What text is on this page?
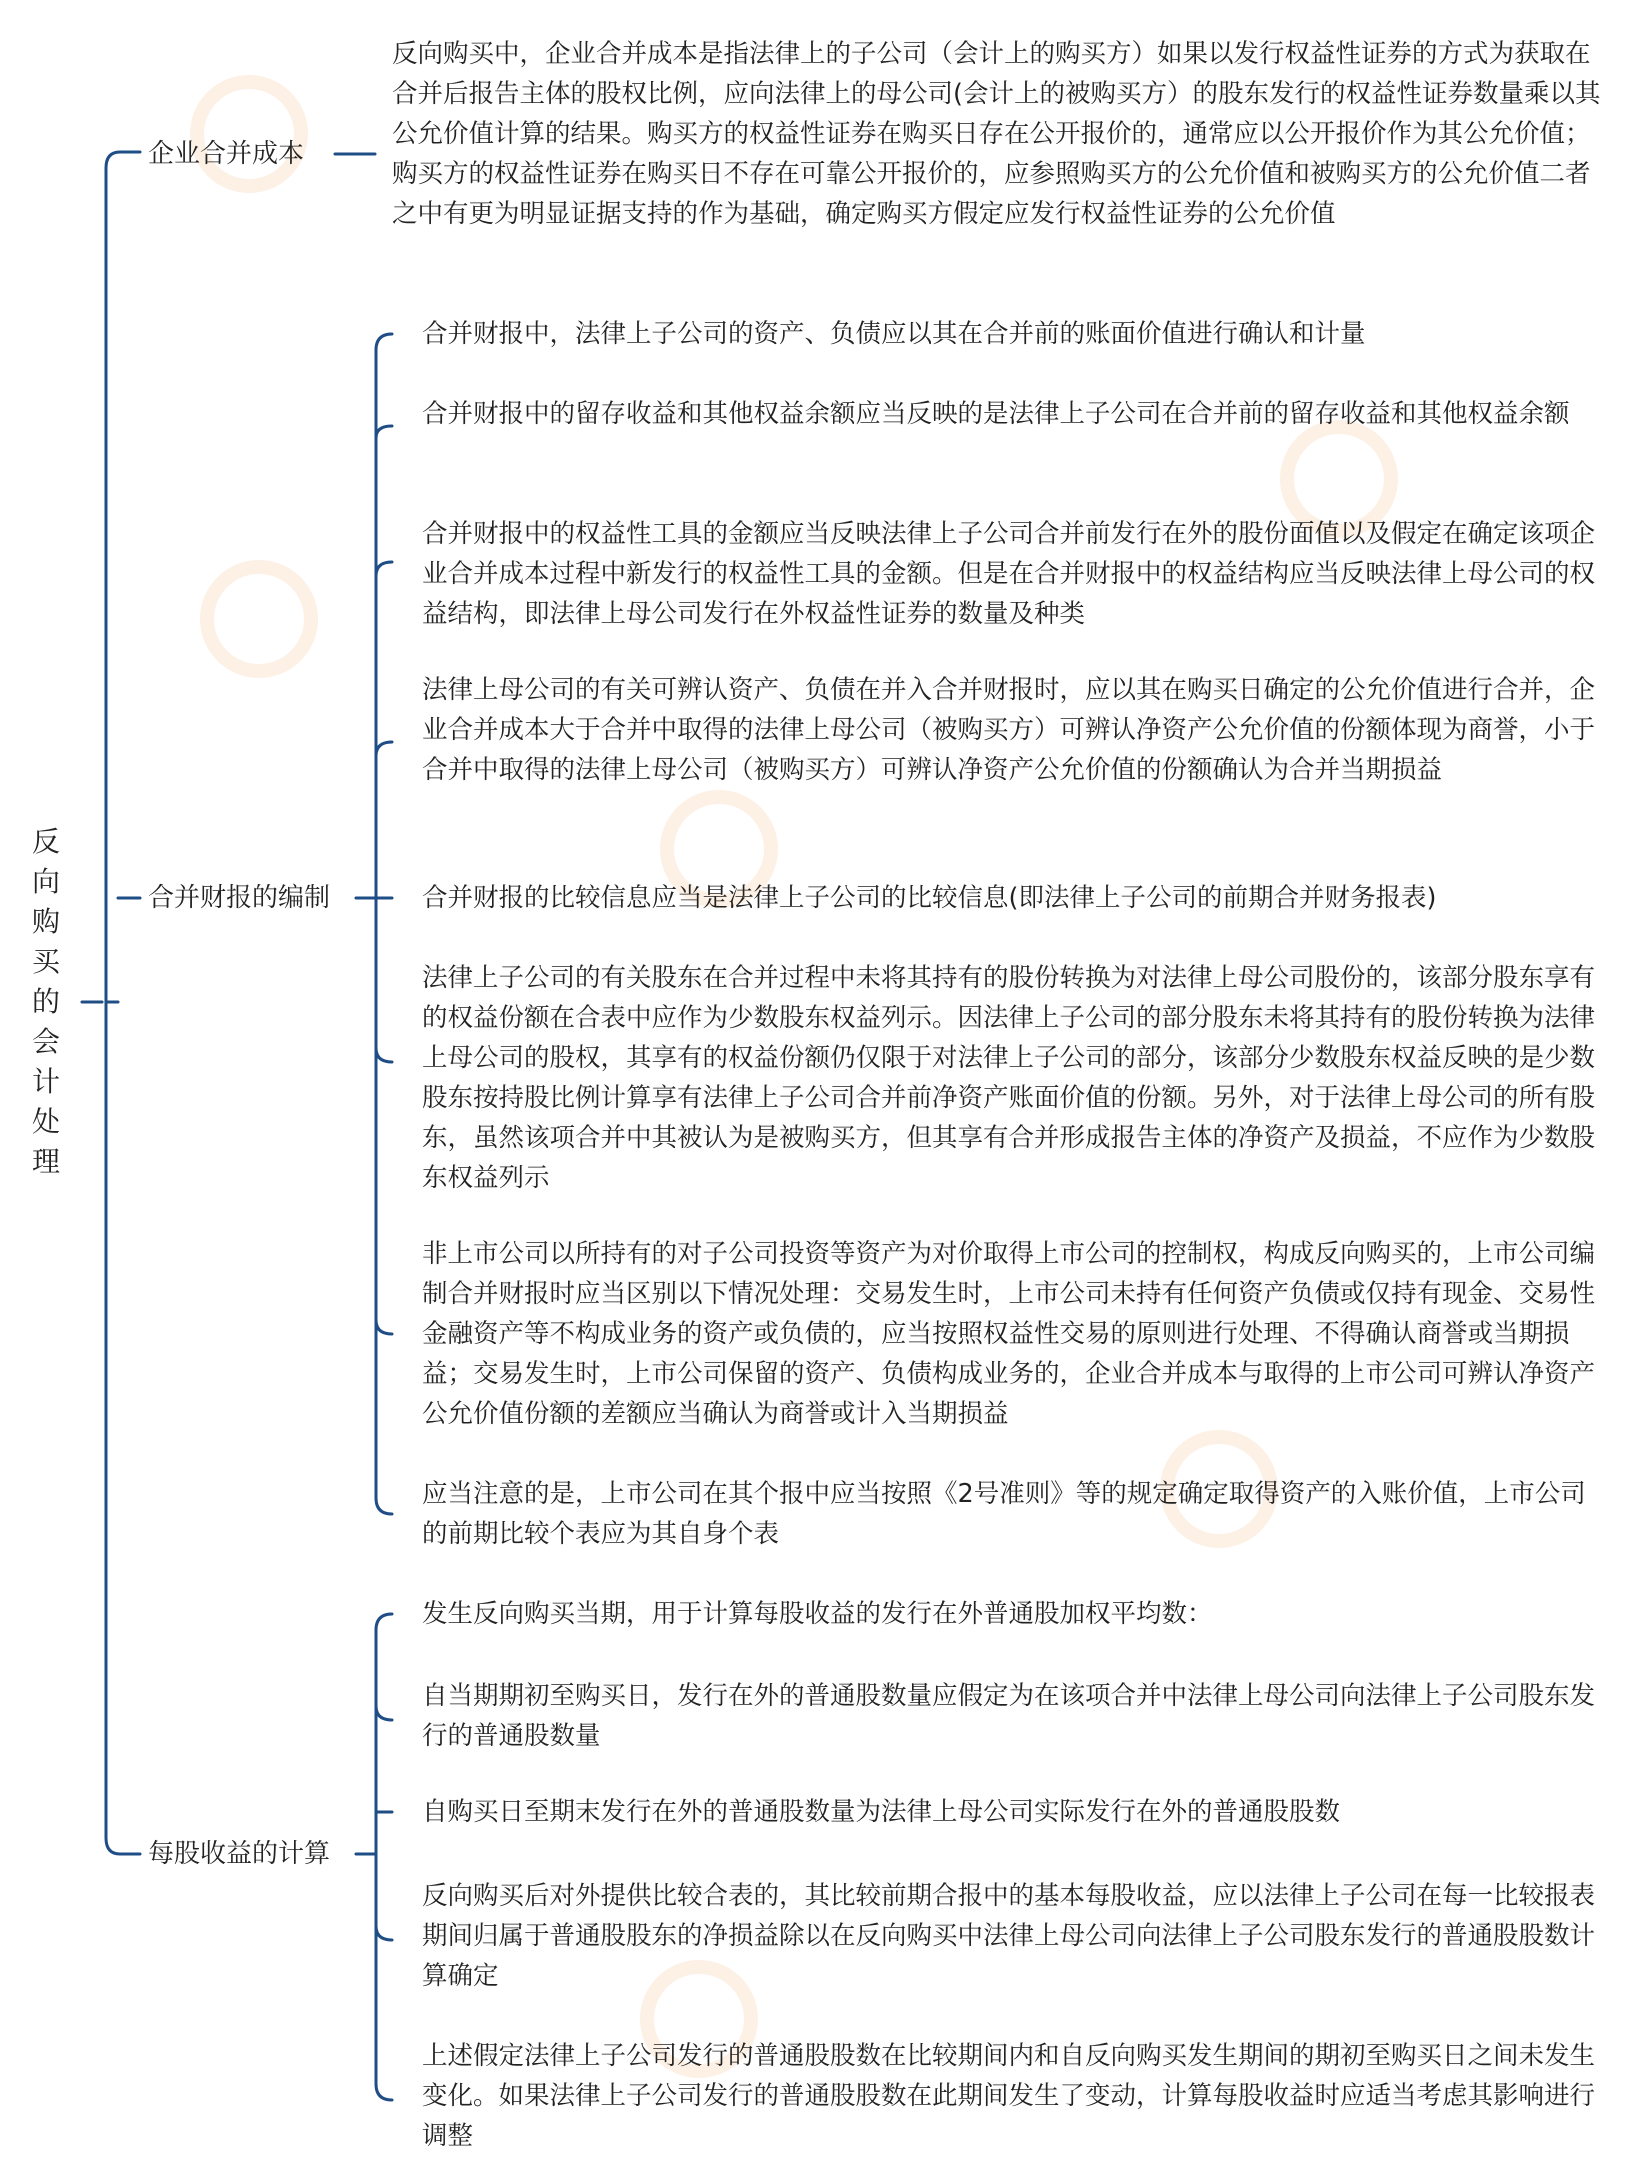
反向购买的会计处理
企业合并成本
合并财报的编制
每股收益的计算
反向购买中，企业合并成本是指法律上的子公司（会计上的购买方）如果以发行权益性证券的方式为获取在合并后报告主体的股权比例，应向法律上的母公司(会计上的被购买方）的股东发行的权益性证券数量乘以其公允价值计算的结果。购买方的权益性证券在购买日存在公开报价的，通常应以公开报价作为其公允价值；购买方的权益性证券在购买日不存在可靠公开报价的，应参照购买方的公允价值和被购买方的公允价值二者之中有更为明显证据支持的作为基础，确定购买方假定应发行权益性证券的公允价值
合并财报中，法律上子公司的资产、负债应以其在合并前的账面价值进行确认和计量
合并财报中的留存收益和其他权益余额应当反映的是法律上子公司在合并前的留存收益和其他权益余额
合并财报中的权益性工具的金额应当反映法律上子公司合并前发行在外的股份面值以及假定在确定该项企业合并成本过程中新发行的权益性工具的金额。但是在合并财报中的权益结构应当反映法律上母公司的权益结构，即法律上母公司发行在外权益性证券的数量及种类
法律上母公司的有关可辨认资产、负债在并入合并财报时，应以其在购买日确定的公允价值进行合并，企业合并成本大于合并中取得的法律上母公司（被购买方）可辨认净资产公允价值的份额体现为商誉，小于合并中取得的法律上母公司（被购买方）可辨认净资产公允价值的份额确认为合并当期损益
合并财报的比较信息应当是法律上子公司的比较信息(即法律上子公司的前期合并财务报表)
法律上子公司的有关股东在合并过程中未将其持有的股份转换为对法律上母公司股份的，该部分股东享有的权益份额在合表中应作为少数股东权益列示。因法律上子公司的部分股东未将其持有的股份转换为法律上母公司的股权，其享有的权益份额仍仅限于对法律上子公司的部分，该部分少数股东权益反映的是少数股东按持股比例计算享有法律上子公司合并前净资产账面价值的份额。另外，对于法律上母公司的所有股东，虽然该项合并中其被认为是被购买方，但其享有合并形成报告主体的净资产及损益，不应作为少数股东权益列示
非上市公司以所持有的对子公司投资等资产为对价取得上市公司的控制权，构成反向购买的，上市公司编制合并财报时应当区别以下情况处理：交易发生时，上市公司未持有任何资产负债或仅持有现金、交易性金融资产等不构成业务的资产或负债的，应当按照权益性交易的原则进行处理、不得确认商誉或当期损益；交易发生时，上市公司保留的资产、负债构成业务的，企业合并成本与取得的上市公司可辨认净资产公允价值份额的差额应当确认为商誉或计入当期损益
应当注意的是，上市公司在其个报中应当按照《2号准则》等的规定确定取得资产的入账价值，上市公司的前期比较个表应为其自身个表
发生反向购买当期，用于计算每股收益的发行在外普通股加权平均数：
自当期期初至购买日，发行在外的普通股数量应假定为在该项合并中法律上母公司向法律上子公司股东发行的普通股数量
自购买日至期末发行在外的普通股数量为法律上母公司实际发行在外的普通股股数
反向购买后对外提供比较合表的，其比较前期合报中的基本每股收益，应以法律上子公司在每一比较报表期间归属于普通股股东的净损益除以在反向购买中法律上母公司向法律上子公司股东发行的普通股股数计算确定
上述假定法律上子公司发行的普通股股数在比较期间内和自反向购买发生期间的期初至购买日之间未发生变化。如果法律上子公司发行的普通股股数在此期间发生了变动，计算每股收益时应适当考虑其影响进行调整
